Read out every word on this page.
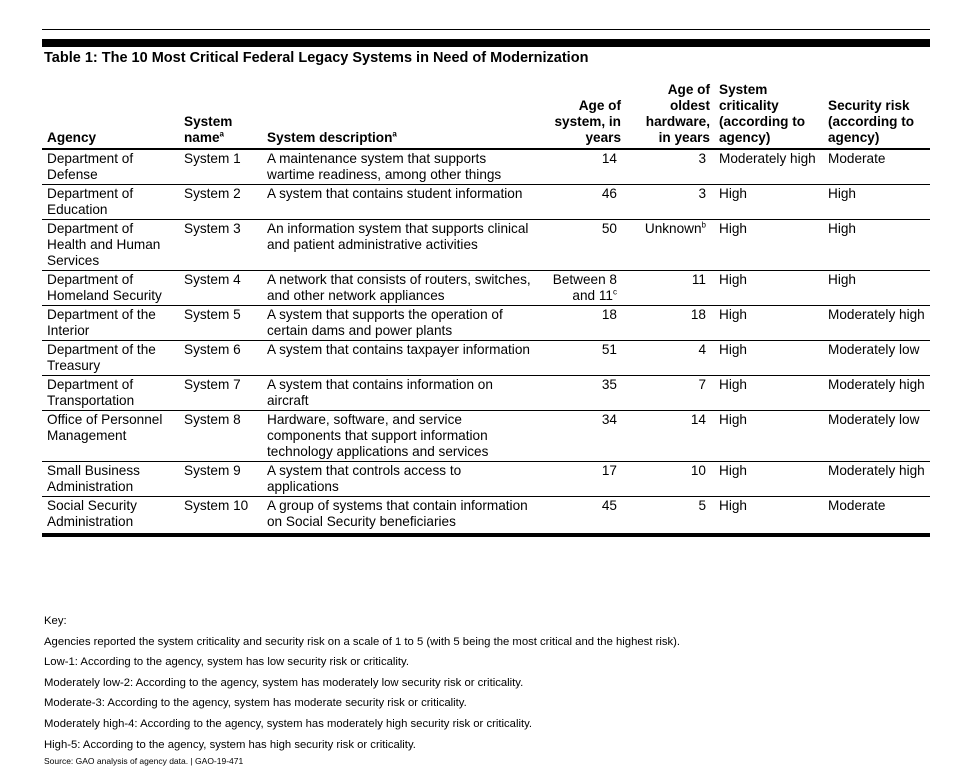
Table 1: The 10 Most Critical Federal Legacy Systems in Need of Modernization
Agency	System name$^a$	System description$^a$	Age of system, in years	Age of oldest hardware, in years	System criticality (according to agency)	Security risk (according to agency)
Department of Defense	System 1	A maintenance system that supports wartime readiness, among other things	14	3	Moderately high	Moderate
Department of Education	System 2	A system that contains student information	46	3	High	High
Department of Health and Human Services	System 3	An information system that supports clinical and patient administrative activities	50	Unknown$^b$	High	High
Department of Homeland Security	System 4	A network that consists of routers, switches, and other network appliances	Between 8 and 11$^c$	11	High	High
Department of the Interior	System 5	A system that supports the operation of certain dams and power plants	18	18	High	Moderately high
Department of the Treasury	System 6	A system that contains taxpayer information	51	4	High	Moderately low
Department of Transportation	System 7	A system that contains information on aircraft	35	7	High	Moderately high
Office of Personnel Management	System 8	Hardware, software, and service components that support information technology applications and services	34	14	High	Moderately low
Small Business Administration	System 9	A system that controls access to applications	17	10	High	Moderately high
Social Security Administration	System 10	A group of systems that contain information on Social Security beneficiaries	45	5	High	Moderate

Key:

Agencies reported the system criticality and security risk on a scale of 1 to 5 (with 5 being the most critical and the highest risk).

Low-1: According to the agency, system has low security risk or criticality.

Moderately low-2: According to the agency, system has moderately low security risk or criticality.

Moderate-3: According to the agency, system has moderate security risk or criticality.

Moderately high-4: According to the agency, system has moderately high security risk or criticality.

High-5: According to the agency, system has high security risk or criticality.

Source: GAO analysis of agency data. | GAO-19-471
